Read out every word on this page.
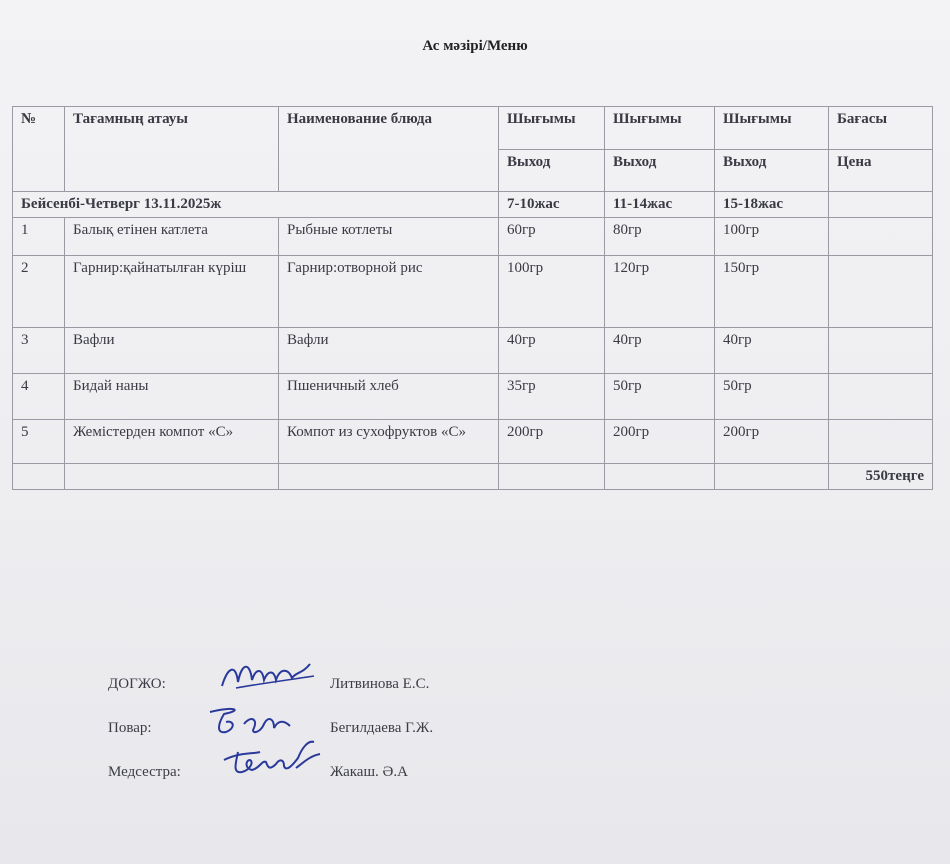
Ас мәзірі/Меню
№	Тағамның атауы	Наименование блюда	Шығымы	Шығымы	Шығымы	Бағасы
			Выход	Выход	Выход	Цена
Бейсенбі-Четверг 13.11.2025ж			7-10жас	11-14жас	15-18жас	
1	Балық етінен катлета	Рыбные котлеты	60гр	80гр	100гр	
2	Гарнир:қайнатылған күріш	Гарнир:отворной рис	100гр	120гр	150гр	
3	Вафли	Вафли	40гр	40гр	40гр	
4	Бидай наны	Пшеничный хлеб	35гр	50гр	50гр	
5	Жемістерден компот «С»	Компот из сухофруктов «С»	200гр	200гр	200гр	
						550теңге
ДОГЖО:	Литвинова Е.С.
Повар:	Бегилдаева Г.Ж.
Медсестра:	Жакаш. Ә.А
